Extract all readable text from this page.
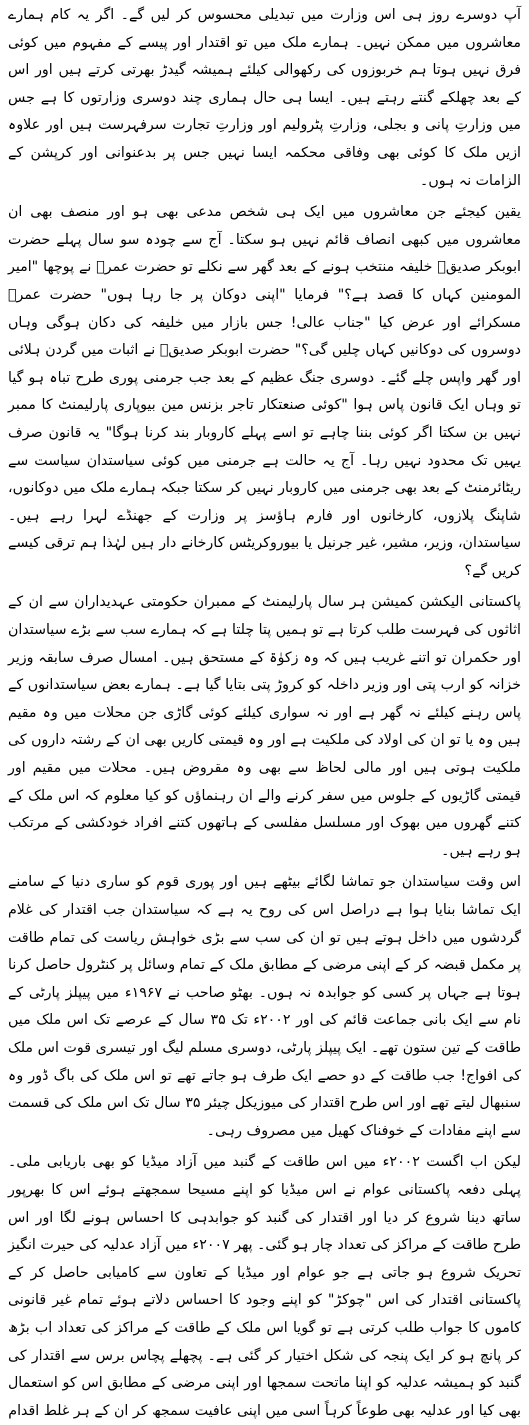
آپ دوسرے روز ہی اس وزارت میں تبدیلی محسوس کر لیں گے۔ اگر یہ کام ہمارے معاشروں میں ممکن نہیں۔ ہمارے ملک میں تو اقتدار اور پیسے کے مفہوم میں کوئی فرق نہیں ہوتا ہم خربوزوں کی رکھوالی کیلئے ہمیشہ گیدڑ بھرتی کرتے ہیں اور اس کے بعد چھلکے گنتے رہتے ہیں۔ ایسا ہی حال ہماری چند دوسری وزارتوں کا ہے جس میں وزارتِ پانی و بجلی، وزارتِ پٹرولیم اور وزارتِ تجارت سرفہرست ہیں اور علاوہ ازیں ملک کا کوئی بھی وفاقی محکمہ ایسا نہیں جس پر بدعنوانی اور کرپشن کے الزامات نہ ہوں۔

یقین کیجئے جن معاشروں میں ایک ہی شخص مدعی بھی ہو اور منصف بھی ان معاشروں میں کبھی انصاف قائم نہیں ہو سکتا۔ آج سے چودہ سو سال پہلے حضرت ابوبکر صدیقؓ خلیفہ منتخب ہونے کے بعد گھر سے نکلے تو حضرت عمرؓ نے پوچھا "امیر المومنین کہاں کا قصد ہے؟" فرمایا "اپنی دوکان پر جا رہا ہوں" حضرت عمرؓ مسکرائے اور عرض کیا "جناب عالی! جس بازار میں خلیفہ کی دکان ہوگی وہاں دوسروں کی دوکانیں کہاں چلیں گی؟" حضرت ابوبکر صدیقؓ نے اثبات میں گردن ہلائی اور گھر واپس چلے گئے۔ دوسری جنگ عظیم کے بعد جب جرمنی پوری طرح تباہ ہو گیا تو وہاں ایک قانون پاس ہوا "کوئی صنعتکار تاجر بزنس مین بیوپاری پارلیمنٹ کا ممبر نہیں بن سکتا اگر کوئی بننا چاہے تو اسے پہلے کاروبار بند کرنا ہوگا" یہ قانون صرف یہیں تک محدود نہیں رہا۔ آج یہ حالت ہے جرمنی میں کوئی سیاستدان سیاست سے ریٹائرمنٹ کے بعد بھی جرمنی میں کاروبار نہیں کر سکتا جبکہ ہمارے ملک میں دوکانوں، شاپنگ پلازوں، کارخانوں اور فارم ہاؤسز پر وزارت کے جھنڈے لہرا رہے ہیں۔ سیاستدان، وزیر، مشیر، غیر جرنیل یا بیوروکریٹس کارخانے دار ہیں لہٰذا ہم ترقی کیسے کریں گے؟

پاکستانی الیکشن کمیشن ہر سال پارلیمنٹ کے ممبران حکومتی عہدیداران سے ان کے اثاثوں کی فہرست طلب کرتا ہے تو ہمیں پتا چلتا ہے کہ ہمارے سب سے بڑے سیاستدان اور حکمران تو اتنے غریب ہیں کہ وہ زکوٰۃ کے مستحق ہیں۔ امسال صرف سابقہ وزیر خزانہ کو ارب پتی اور وزیر داخلہ کو کروڑ پتی بتایا گیا ہے۔ ہمارے بعض سیاستدانوں کے پاس رہنے کیلئے نہ گھر ہے اور نہ سواری کیلئے کوئی گاڑی جن محلات میں وہ مقیم ہیں وہ یا تو ان کی اولاد کی ملکیت ہے اور وہ قیمتی کاریں بھی ان کے رشتہ داروں کی ملکیت ہوتی ہیں اور مالی لحاظ سے بھی وہ مقروض ہیں۔ محلات میں مقیم اور قیمتی گاڑیوں کے جلوس میں سفر کرنے والے ان رہنماؤں کو کیا معلوم کہ اس ملک کے کتنے گھروں میں بھوک اور مسلسل مفلسی کے ہاتھوں کتنے افراد خودکشی کے مرتکب ہو رہے ہیں۔

اس وقت سیاستدان جو تماشا لگائے بیٹھے ہیں اور پوری قوم کو ساری دنیا کے سامنے ایک تماشا بنایا ہوا ہے دراصل اس کی روح یہ ہے کہ سیاستدان جب اقتدار کی غلام گردشوں میں داخل ہوتے ہیں تو ان کی سب سے بڑی خواہش ریاست کی تمام طاقت پر مکمل قبضہ کر کے اپنی مرضی کے مطابق ملک کے تمام وسائل پر کنٹرول حاصل کرنا ہوتا ہے جہاں پر کسی کو جوابدہ نہ ہوں۔ بھٹو صاحب نے ۱۹۶۷ء میں پیپلز پارٹی کے نام سے ایک بانی جماعت قائم کی اور ۲۰۰۲ء تک ۳۵ سال کے عرصے تک اس ملک میں طاقت کے تین ستون تھے۔ ایک پیپلز پارٹی، دوسری مسلم لیگ اور تیسری قوت اس ملک کی افواج! جب طاقت کے دو حصے ایک طرف ہو جاتے تھے تو اس ملک کی باگ ڈور وہ سنبھال لیتے تھے اور اس طرح اقتدار کی میوزیکل چیئر ۳۵ سال تک اس ملک کی قسمت سے اپنے مفادات کے خوفناک کھیل میں مصروف رہی۔

لیکن اب اگست ۲۰۰۲ء میں اس طاقت کے گنبد میں آزاد میڈیا کو بھی باریابی ملی۔ پہلی دفعہ پاکستانی عوام نے اس میڈیا کو اپنے مسیحا سمجھتے ہوئے اس کا بھرپور ساتھ دینا شروع کر دیا اور اقتدار کی گنبد کو جوابدہی کا احساس ہونے لگا اور اس طرح طاقت کے مراکز کی تعداد چار ہو گئی۔ پھر ۲۰۰۷ء میں آزاد عدلیہ کی حیرت انگیز تحریک شروع ہو جاتی ہے جو عوام اور میڈیا کے تعاون سے کامیابی حاصل کر کے پاکستانی اقتدار کی اس "چوکڑ" کو اپنے وجود کا احساس دلاتے ہوئے تمام غیر قانونی کاموں کا جواب طلب کرتی ہے تو گویا اس ملک کے طاقت کے مراکز کی تعداد اب بڑھ کر پانچ ہو کر ایک پنجہ کی شکل اختیار کر گئی ہے۔ پچھلے پچاس برس سے اقتدار کی گنبد کو ہمیشہ عدلیہ کو اپنا ماتحت سمجھا اور اپنی مرضی کے مطابق اس کو استعمال بھی کیا اور عدلیہ بھی طوعاً کرہاً اسی میں اپنی عافیت سمجھ کر ان کے ہر غلط اقدام
